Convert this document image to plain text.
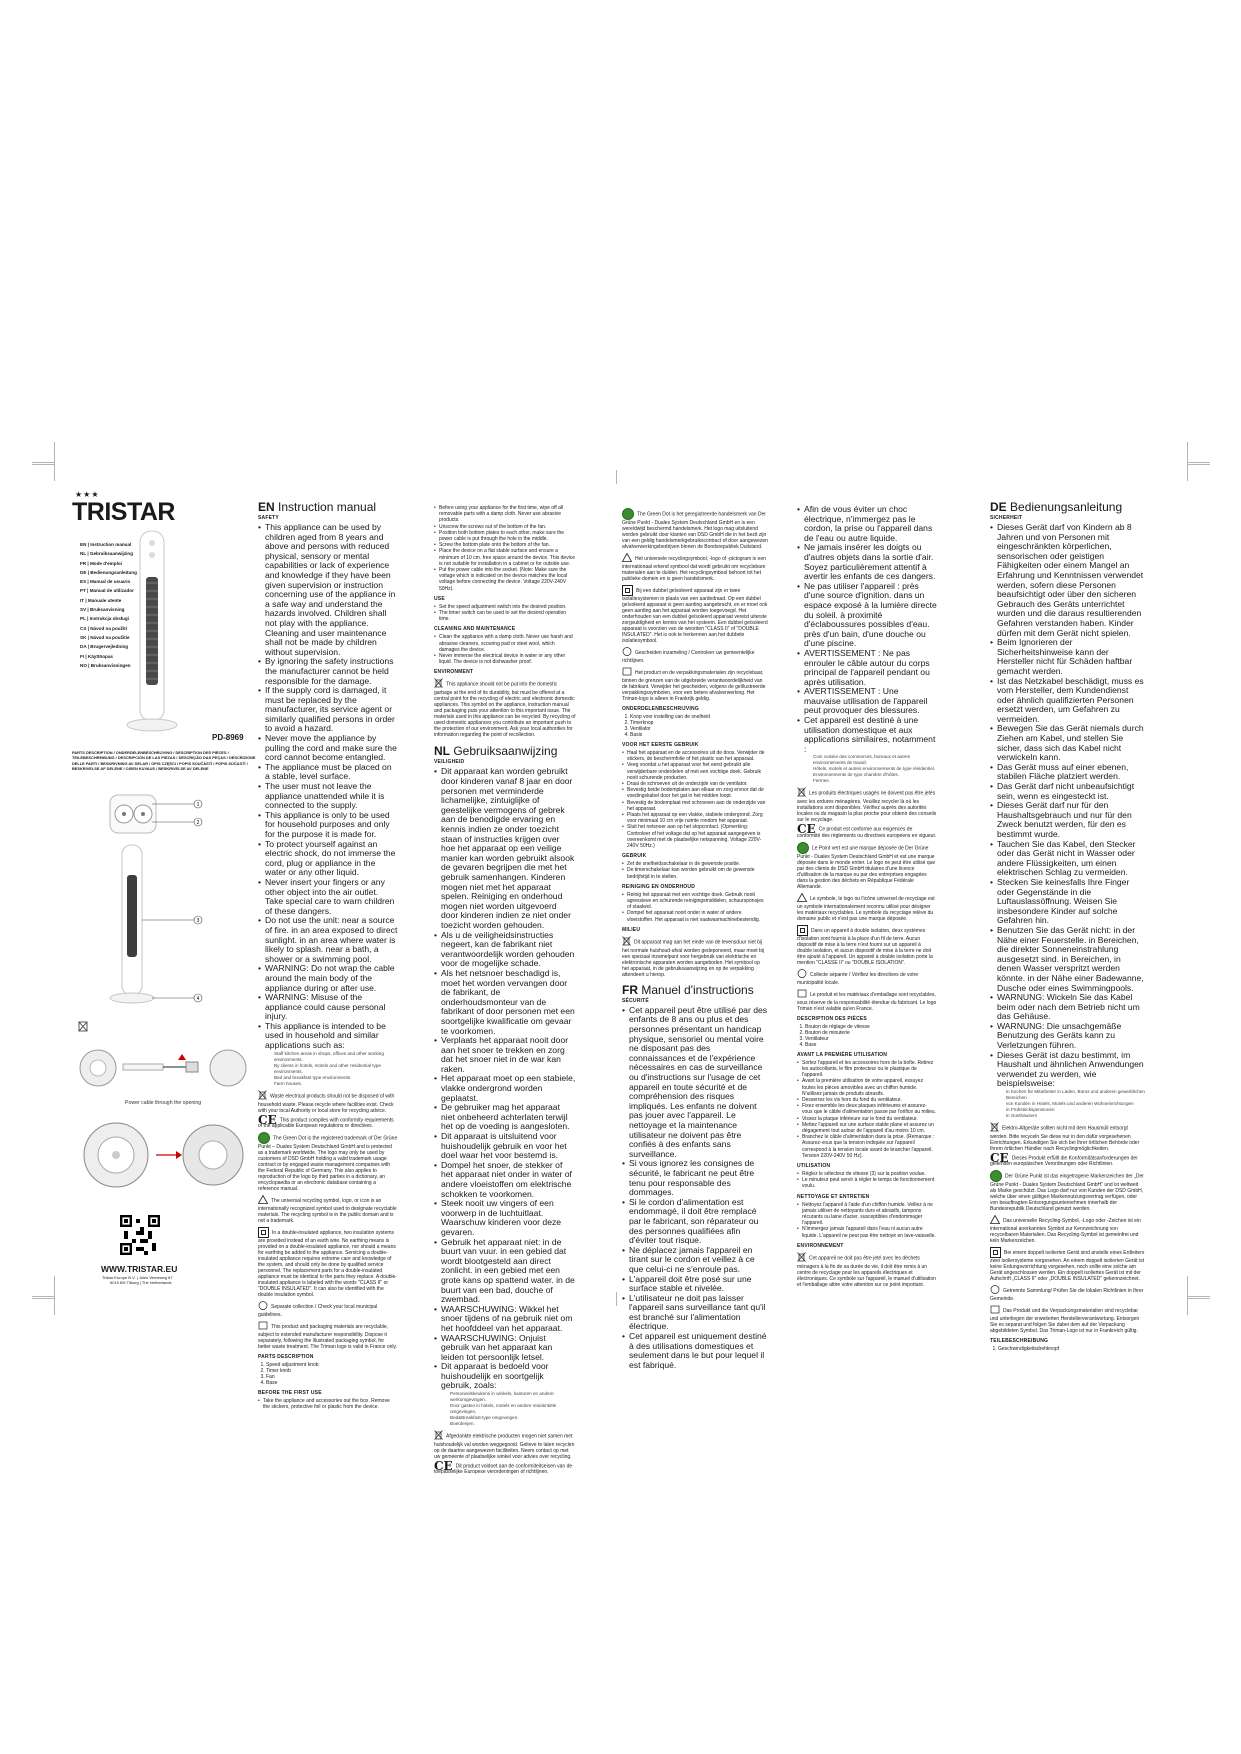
★★★
TRISTAR
EN | Instruction manual
NL | Gebruiksaanwijzing
FR | Mode d'emploi
DE | Bedienungsanleitung
ES | Manual de usuario
PT | Manual de utilizador
IT | Manuale utente
SV | Bruksanvisning
PL | Instrukcja obsługi
CS | Návod na použití
SK | Návod na použitie
DA | Brugervejledning
FI | Käyttöopas
NO | Bruksanvisningen
PD-8969
PARTS DESCRIPTION / ONDERDELENBESCHRIJVING / DESCRIPTION DES PIÈCES / TEILEBESCHREIBUNG / DESCRIPCIÓN DE LAS PIEZAS / DESCRIÇÃO DAS PEÇAS / DESCRIZIONE DELLE PARTI / BESKRIVNING AV DELAR / OPIS CZĘŚCI / POPIS SOUČÁSTÍ / POPIS SÚČASTÍ / BESKRIVELSE AF DELENE / OSIEN KUVAUS / BESKRIVELSE AV DELENE
1
2
3
4
Power cable through the opening
WWW.TRISTAR.EU
Tristar Europe B.V. | Jules Verneweg 87
5015 BH Tilburg | The Netherlands
EN Instruction manual
SAFETY
• This appliance can be used by children aged from 8 years and above and persons with reduced physical, sensory or mental capabilities or lack of experience and knowledge if they have been given supervision or instruction concerning use of the appliance in a safe way and understand the hazards involved. Children shall not play with the appliance. Cleaning and user maintenance shall not be made by children without supervision.
• By ignoring the safety instructions the manufacturer cannot be held responsible for the damage.
• If the supply cord is damaged, it must be replaced by the manufacturer, its service agent or similarly qualified persons in order to avoid a hazard.
• Never move the appliance by pulling the cord and make sure the cord cannot become entangled.
• The appliance must be placed on a stable, level surface.
• The user must not leave the appliance unattended while it is connected to the supply.
• This appliance is only to be used for household purposes and only for the purpose it is made for.
• To protect yourself against an electric shock, do not immerse the cord, plug or appliance in the water or any other liquid.
• Never insert your fingers or any other object into the air outlet. Take special care to warn children of these dangers.
• Do not use the unit: near a source of fire. in an area exposed to direct sunlight. in an area where water is likely to splash. near a bath, a shower or a swimming pool.
• WARNING: Do not wrap the cable around the main body of the appliance during or after use.
• WARNING: Misuse of the appliance could cause personal injury.
• This appliance is intended to be used in household and similar applications such as:
Staff kitchen areas in shops, offices and other working environments.
By clients in hotels, motels and other residential type environments.
Bed and breakfast type environments.
Farm houses.

Waste electrical products should not be disposed of with household waste. Please recycle where facilities exist. Check with your local Authority or local store for recycling advice.

CE This product complies with conformity requirements of the applicable European regulations or directives.

The Green Dot is the registered trademark of Der Grüne Punkt – Duales System Deutschland GmbH and is protected as a trademark worldwide. The logo may only be used by customers of DSD GmbH holding a valid trademark usage contract or by engaged waste management companies with the Federal Republic of Germany. This also applies to reproduction of the logo by third parties in a dictionary, an encyclopaedia or an electronic database containing a reference manual.

The universal recycling symbol, logo, or icon is an internationally recognized symbol used to designate recyclable materials. The recycling symbol is in the public domain and is not a trademark.

In a double-insulated appliance, two insulation systems are provided instead of an earth wire. No earthing means is provided on a double-insulated appliance, nor should a means for earthing be added to the appliance. Servicing a double-insulated appliance requires extreme care and knowledge of the system, and should only be done by qualified service personnel. The replacement parts for a double-insulated appliance must be identical to the parts they replace. A double-insulated appliance is labeled with the words "CLASS II" or "DOUBLE INSULATED". It can also be identified with the double insulation symbol.

Separate collection / Check your local municipal guidelines.

This product and packaging materials are recyclable, subject to extended manufacturer responsibility. Dispose it separately, following the illustrated packaging symbol, for better waste treatment. The Triman logo is valid in France only.

PARTS DESCRIPTION
1. Speed adjustment knob
2. Timer knob
3. Fan
4. Base
BEFORE THE FIRST USE
• Take the appliance and accessories out the box. Remove the stickers, protective foil or plastic from the device.
• Before using your appliance for the first time, wipe off all removable parts with a damp cloth. Never use abrasive products.
• Unscrew the screws out of the bottom of the fan.
• Position both bottom plates to each other, make sure the power cable is put through the hole in the middle.
• Screw the bottom plate onto the bottom of the fan.
• Place the device on a flat stable surface and ensure a minimum of 10 cm. free space around the device. This device is not suitable for installation in a cabinet or for outside use.
• Put the power cable into the socket. (Note: Make sure the voltage which is indicated on the device matches the local voltage before connecting the device. Voltage 220V-240V 50Hz).
USE
• Set the speed adjustment switch into the desired position.
• The timer switch can be used to set the desired operation time.
CLEANING AND MAINTENANCE
• Clean the appliance with a damp cloth. Never use harsh and abrasive cleaners, scouring pad or steel wool, which damages the device.
• Never immerse the electrical device in water or any other liquid. The device is not dishwasher proof.
ENVIRONMENT

This appliance should not be put into the domestic garbage at the end of its durability, but must be offered at a central point for the recycling of electric and electronic domestic appliances. This symbol on the appliance, instruction manual and packaging puts your attention to this important issue. The materials used in this appliance can be recycled. By recycling of used domestic appliances you contribute an important push to the protection of our environment. Ask your local authorities for information regarding the point of recollection.

NL Gebruiksaanwijzing
VEILIGHEID
• Dit apparaat kan worden gebruikt door kinderen vanaf 8 jaar en door personen met verminderde lichamelijke, zintuiglijke of geestelijke vermogens of gebrek aan de benodigde ervaring en kennis indien ze onder toezicht staan of instructies krijgen over hoe het apparaat op een veilige manier kan worden gebruikt alsook de gevaren begrijpen die met het gebruik samenhangen. Kinderen mogen niet met het apparaat spelen. Reiniging en onderhoud mogen niet worden uitgevoerd door kinderen indien ze niet onder toezicht worden gehouden.
• Als u de veiligheidsinstructies negeert, kan de fabrikant niet verantwoordelijk worden gehouden voor de mogelijke schade.
• Als het netsnoer beschadigd is, moet het worden vervangen door de fabrikant, de onderhoudsmonteur van de fabrikant of door personen met een soortgelijke kwalificatie om gevaar te voorkomen.
• Verplaats het apparaat nooit door aan het snoer te trekken en zorg dat het snoer niet in de war kan raken.
• Het apparaat moet op een stabiele, vlakke ondergrond worden geplaatst.
• De gebruiker mag het apparaat niet onbeheerd achterlaten terwijl het op de voeding is aangesloten.
• Dit apparaat is uitsluitend voor huishoudelijk gebruik en voor het doel waar het voor bestemd is.
• Dompel het snoer, de stekker of het apparaat niet onder in water of andere vloeistoffen om elektrische schokken te voorkomen.
• Steek nooit uw vingers of een voorwerp in de luchtuitlaat. Waarschuw kinderen voor deze gevaren.
• Gebruik het apparaat niet: in de buurt van vuur. in een gebied dat wordt blootgesteld aan direct zonlicht. in een gebied met een grote kans op spattend water. in de buurt van een bad, douche of zwembad.
• WAARSCHUWING: Wikkel het snoer tijdens of na gebruik niet om het hoofddeel van het apparaat.
• WAARSCHUWING: Onjuist gebruik van het apparaat kan leiden tot persoonlijk letsel.
• Dit apparaat is bedoeld voor huishoudelijk en soortgelijk gebruik, zoals:
Personeelskeukens in winkels, kantoren en andere werkomgevingen.
Door gasten in hotels, motels en andere residentiële omgevingen.
Bed&Breakfast-type omgevingen.
Boerderijen.

Afgedankte elektrische producten mogen niet samen met huishoudelijk val worden weggegooid. Gelieve te laten recyclen op de daartoe aangewezen faciliteiten. Neem contact op met uw gemeente of plaatselijke winkel voor advies over recycling.

CE Dit product voldoet aan de conformiteitseisen van de toepasselijke Europese verordeningen of richtlijnen.

The Green Dot is het geregistreerde handelsmerk van Der Grüne Punkt - Duales System Deutschland GmbH en is een wereldwijd beschermd handelsmerk. Het logo mag uitsluitend worden gebruikt door klanten van DSD GmbH die in het bezit zijn van een geldig handelsmerkgebruikscontract of door aangewezen afvalverwerkingsbedrijven binnen de Bondsrepubliek Duitsland.

Het universele recyclingsymbool, -logo of -pictogram is een internationaal erkend symbool dat wordt gebruikt om recyclebare materialen aan te duiden. Het recyclingsymbool behoort tot het publieke domein en is geen handelsmerk.

Bij een dubbel geïsoleerd apparaat zijn er twee isolatiesystemen in plaats van een aardedraad. Op een dubbel geïsoleerd apparaat is geen aarding aangebracht, en er moet ook geen aarding aan het apparaat worden toegevoegd. Het onderhouden van een dubbel geïsoleerd apparaat vereist uiterste zorgvuldigheid en kennis van het systeem. Een dubbel geïsoleerd apparaat is voorzien van de woorden "CLASS II" of "DOUBLE INSULATED". Het is ook te herkennen aan het dubbele isolatiesymbool.

Gescheiden inzameling / Controleer uw gemeentelijke richtlijnen.

Het product en de verpakkingsmaterialen zijn recyclebaar, binnen de grenzen van de uitgebreide verantwoordelijkheid van de fabrikant. Verwijder het gescheiden, volgens de geïllustreerde verpakkingssymbolen, voor een betere afvalverwerking. Het Triman-logo is alleen in Frankrijk geldig.

ONDERDELENBESCHRIJVING
1. Knop voor instelling van de snelheid
2. Timerknop
3. Ventilator
4. Basis
VOOR HET EERSTE GEBRUIK
• Haal het apparaat en de accessoires uit de doos. Verwijder de stickers, de beschermfolie of het plastic van het apparaat.
• Veeg voordat u het apparaat voor het eerst gebruikt alle verwijderbare onderdelen af met een vochtige doek. Gebruik nooit schurende producten.
• Draai de schroeven uit de onderzijde van de ventilator.
• Bevestig beide bodemplaten aan elkaar en zorg ervoor dat de voedingskabel door het gat in het midden loopt.
• Bevestig de bodemplaat met schroeven aan de onderzijde van het apparaat.
• Plaats het apparaat op een vlakke, stabiele ondergrond. Zorg voor minimaal 10 cm vrije ruimte rondom het apparaat.
• Sluit het netsnoer aan op het stopcontact. (Opmerking: Controleer of het voltage dat op het apparaat aangegeven is overeenkomt met de plaatselijke netspanning. Voltage 220V-240V 50Hz.)
GEBRUIK
• Zet de snelheidsschakelaar in de gewenste positie.
• De timerschakelaar kan worden gebruikt om de gewenste bedrijfstijd in te stellen.
REINIGING EN ONDERHOUD
• Reinig het apparaat met een vochtige doek. Gebruik nooit agressieve en schurende reinigingsmiddelen, schuursponsjes of staalwol.
• Dompel het apparaat nooit onder in water of andere vloeistoffen. Het apparaat is niet vaatwasmachinebestendig.
MILIEU

Dit apparaat mag aan het einde van de levensduur niet bij het normale huishoud-afval worden gedeponeerd, maar moet bij een speciaal inzamelpunt voor hergebruik van elektrische en elektronische apparaten worden aangeboden. Het symbool op het apparaat, in de gebruiksaanwijzing en op de verpakking attendeert u hierop.

FR Manuel d'instructions
SÉCURITÉ
• Cet appareil peut être utilisé par des enfants de 8 ans ou plus et des personnes présentant un handicap physique, sensoriel ou mental voire ne disposant pas des connaissances et de l'expérience nécessaires en cas de surveillance ou d'instructions sur l'usage de cet appareil en toute sécurité et de compréhension des risques impliqués. Les enfants ne doivent pas jouer avec l'appareil. Le nettoyage et la maintenance utilisateur ne doivent pas être confiés à des enfants sans surveillance.
• Si vous ignorez les consignes de sécurité, le fabricant ne peut être tenu pour responsable des dommages.
• Si le cordon d'alimentation est endommagé, il doit être remplacé par le fabricant, son réparateur ou des personnes qualifiées afin d'éviter tout risque.
• Ne déplacez jamais l'appareil en tirant sur le cordon et veillez à ce que celui-ci ne s'enroule pas.
• L'appareil doit être posé sur une surface stable et nivelée.
• L'utilisateur ne doit pas laisser l'appareil sans surveillance tant qu'il est branché sur l'alimentation électrique.
• Cet appareil est uniquement destiné à des utilisations domestiques et seulement dans le but pour lequel il est fabriqué.
• Afin de vous éviter un choc électrique, n'immergez pas le cordon, la prise ou l'appareil dans de l'eau ou autre liquide.
• Ne jamais insérer les doigts ou d'autres objets dans la sortie d'air. Soyez particulièrement attentif à avertir les enfants de ces dangers.
• Ne pas utiliser l'appareil : près d'une source d'ignition. dans un espace exposé à la lumière directe du soleil. à proximité d'éclaboussures possibles d'eau. près d'un bain, d'une douche ou d'une piscine.
• AVERTISSEMENT : Ne pas enrouler le câble autour du corps principal de l'appareil pendant ou après utilisation.
• AVERTISSEMENT : Une mauvaise utilisation de l'appareil peut provoquer des blessures.
• Cet appareil est destiné à une utilisation domestique et aux applications similaires, notamment :
Coin cuisine des commerces, bureaux et autres environnements de travail.
Hôtels, motels et autres environnements de type résidentiel.
Environnements de type chambre d'hôtes.
Fermes.

Les produits électriques usagés ne doivent pas être jetés avec les ordures ménagères. Veuillez recycler là où les installations sont disponibles. Vérifiez auprès des autorités locales ou du magasin la plus proche pour obtenir des conseils sur le recyclage.

CE Ce produit est conforme aux exigences de conformité des règlements ou directives européens en vigueur.

Le Point vert est une marque déposée de Der Grüne Punkt - Duales System Deutschland GmbH et est une marque déposée dans le monde entier. Le logo ne peut être utilisé que par des clients de DSD GmbH titulaires d'une licence d'utilisation de la marque ou par des entreprises engagées dans la gestion des déchets en République Fédérale Allemande.

Le symbole, le logo ou l'icône universel de recyclage est un symbole internationalement reconnu utilisé pour désigner les matériaux recyclables. Le symbole du recyclage relève du domaine public et n'est pas une marque déposée.

Dans un appareil à double isolation, deux systèmes d'isolation sont fournis à la place d'un fil de terre. Aucun dispositif de mise à la terre n'est fourni sur un appareil à double isolation, et aucun dispositif de mise à la terre ne doit être ajouté à l'appareil. Un appareil à double isolation porte la mention "CLASSE II" ou "DOUBLE ISOLATION".

Collecte séparée / Vérifiez les directives de votre municipalité locale.

Le produit et les matériaux d'emballage sont recyclables, sous réserve de la responsabilité étendue du fabricant. Le logo Triman n'est valable qu'en France.

DESCRIPTION DES PIÈCES
1. Bouton de réglage de vitesse
2. Bouton de minuterie
3. Ventilateur
4. Base
AVANT LA PREMIÈRE UTILISATION
• Sortez l'appareil et les accessoires hors de la boîte. Retirez les autocollants, le film protecteur ou le plastique de l'appareil.
• Avant la première utilisation de votre appareil, essuyez toutes les pièces amovibles avec un chiffon humide. N'utilisez jamais de produits abrasifs.
• Desserrez les vis hors du fond du ventilateur.
• Fixez ensemble les deux plaques inférieures et assurez-vous que le câble d'alimentation passe par l'orifice au milieu.
• Vissez la plaque inférieure sur le fond du ventilateur.
• Mettez l'appareil sur une surface stable plane et assurez un dégagement tout autour de l'appareil d'au moins 10 cm.
• Branchez le câble d'alimentation dans la prise. (Remarque : Assurez-vous que la tension indiquée sur l'appareil correspond à la tension locale avant de brancher l'appareil. Tension 220V-240V 50 Hz).
UTILISATION
• Réglez le sélecteur de vitesse (3) sur la position voulue.
• Le minuteur peut servir à régler le temps de fonctionnement voulu.
NETTOYAGE ET ENTRETIEN
• Nettoyez l'appareil à l'aide d'un chiffon humide. Veillez à ne jamais utiliser de nettoyants durs et abrasifs, tampons récurants ou laine d'acier, susceptibles d'endommager l'appareil.
• N'immergez jamais l'appareil dans l'eau ni aucun autre liquide. L'appareil ne peut pas être nettoyé en lave-vaisselle.
ENVIRONNEMENT

Cet appareil ne doit pas être jeté avec les déchets ménagers à la fin de sa durée de vie, il doit être remis à un centre de recyclage pour les appareils électriques et électroniques. Ce symbole sur l'appareil, le manuel d'utilisation et l'emballage attire votre attention sur ce point important.

DE Bedienungsanleitung
SICHERHEIT
• Dieses Gerät darf von Kindern ab 8 Jahren und von Personen mit eingeschränkten körperlichen, sensorischen oder geistigen Fähigkeiten oder einem Mangel an Erfahrung und Kenntnissen verwendet werden, sofern diese Personen beaufsichtigt oder über den sicheren Gebrauch des Geräts unterrichtet wurden und die daraus resultierenden Gefahren verstanden haben. Kinder dürfen mit dem Gerät nicht spielen.
• Beim Ignorieren der Sicherheitshinweise kann der Hersteller nicht für Schäden haftbar gemacht werden.
• Ist das Netzkabel beschädigt, muss es vom Hersteller, dem Kundendienst oder ähnlich qualifizierten Personen ersetzt werden, um Gefahren zu vermeiden.
• Bewegen Sie das Gerät niemals durch Ziehen am Kabel, und stellen Sie sicher, dass sich das Kabel nicht verwickeln kann.
• Das Gerät muss auf einer ebenen, stabilen Fläche platziert werden.
• Das Gerät darf nicht unbeaufsichtigt sein, wenn es eingesteckt ist.
• Dieses Gerät darf nur für den Haushaltsgebrauch und nur für den Zweck benutzt werden, für den es bestimmt wurde.
• Tauchen Sie das Kabel, den Stecker oder das Gerät nicht in Wasser oder andere Flüssigkeiten, um einen elektrischen Schlag zu vermeiden.
• Stecken Sie keinesfalls Ihre Finger oder Gegenstände in die Luftauslassöffnung. Weisen Sie insbesondere Kinder auf solche Gefahren hin.
• Benutzen Sie das Gerät nicht: in der Nähe einer Feuerstelle. in Bereichen, die direkter Sonneneinstrahlung ausgesetzt sind. in Bereichen, in denen Wasser verspritzt werden könnte. in der Nähe einer Badewanne, Dusche oder eines Swimmingpools.
• WARNUNG: Wickeln Sie das Kabel beim oder nach dem Betrieb nicht um das Gehäuse.
• WARNUNG: Die unsachgemäße Benutzung des Geräts kann zu Verletzungen führen.
• Dieses Gerät ist dazu bestimmt, im Haushalt und ähnlichen Anwendungen verwendet zu werden, wie beispielsweise:
in Küchen für Mitarbeiter in Läden, Büros und anderen gewerblichen Bereichen
von Kunden in Hotels, Motels und anderen Wohneinrichtungen
in Frühstückspensionen
in Gutshäusern

Elektro-Altgeräte sollten nicht mit dem Hausmüll entsorgt werden. Bitte recyceln Sie diese nur in den dafür vorgesehenen Einrichtungen. Erkundigen Sie sich bei Ihrer örtlichen Behörde oder Ihrem örtlichen Händler nach Recyclingmöglichkeiten.

CE Dieses Produkt erfüllt die Konformitätsanforderungen der geltenden europäischen Verordnungen oder Richtlinien.

Der Grüne Punkt ist das eingetragene Markenzeichen der „Der Grüne Punkt - Duales System Deutschland GmbH" und ist weltweit als Marke geschützt. Das Logo darf nur von Kunden der DSD GmbH, welche über einen gültigen Markennutzungsvertrag verfügen, oder von beauftragten Entsorgungsunternehmen innerhalb der Bundesrepublik Deutschland genutzt werden.

Das universelle Recycling-Symbol, -Logo oder -Zeichen ist ein international anerkanntes Symbol zur Kennzeichnung von recycelbaren Materialien. Das Recycling-Symbol ist gemeinfrei und kein Markenzeichen.

Bei einem doppelt isolierten Gerät sind anstelle eines Erdleiters zwei Isoliersysteme vorgesehen. An einem doppelt isolierten Gerät ist keine Erdungsvorrichtung vorgesehen, noch sollte eine solche am Gerät angeschlossen werden. Ein doppelt isoliertes Gerät ist mit der Aufschrift „CLASS II" oder „DOUBLE INSULATED" gekennzeichnet.

Getrennte Sammlung/ Prüfen Sie die lokalen Richtlinien in Ihrer Gemeinde.

Das Produkt und die Verpackungsmaterialien sind recyclebar und unterliegen der erweiterten Herstellerverantwortung. Entsorgen Sie es separat und folgen Sie dabei dem auf der Verpackung abgebildeten Symbol. Das Triman-Logo ist nur in Frankreich gültig.

TEILEBESCHREIBUNG
1. Geschwindigkeitsdrehknopf
